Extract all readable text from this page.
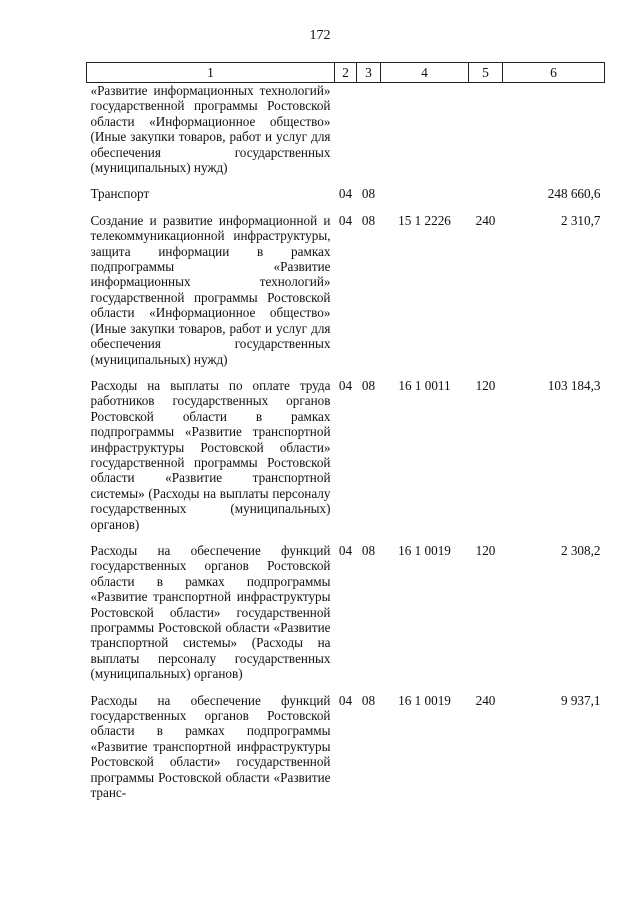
172
1	2	3	4	5	6
«Развитие информационных технологий» государственной программы Ростовской области «Информационное общество» (Иные закупки товаров, работ и услуг для обеспечения государственных (муниципальных) нужд)					
Транспорт	04	08			248 660,6
Создание и развитие информационной и телекоммуникационной инфраструктуры, защита информации в рамках подпрограммы «Развитие информационных технологий» государственной программы Ростовской области «Информационное общество» (Иные закупки товаров, работ и услуг для обеспечения государственных (муниципальных) нужд)	04	08	15 1 2226	240	2 310,7
Расходы на выплаты по оплате труда работников государственных органов Ростовской области в рамках подпрограммы «Развитие транспортной инфраструктуры Ростовской области» государственной программы Ростовской области «Развитие транспортной системы» (Расходы на выплаты персоналу государственных (муниципальных) органов)	04	08	16 1 0011	120	103 184,3
Расходы на обеспечение функций государственных органов Ростовской области в рамках подпрограммы «Развитие транспортной инфраструктуры Ростовской области» государственной программы Ростовской области «Развитие транспортной системы» (Расходы на выплаты персоналу государственных (муниципальных) органов)	04	08	16 1 0019	120	2 308,2
Расходы на обеспечение функций государственных органов Ростовской области в рамках подпрограммы «Развитие транспортной инфраструктуры Ростовской области» государственной программы Ростовской области «Развитие транс-	04	08	16 1 0019	240	9 937,1
